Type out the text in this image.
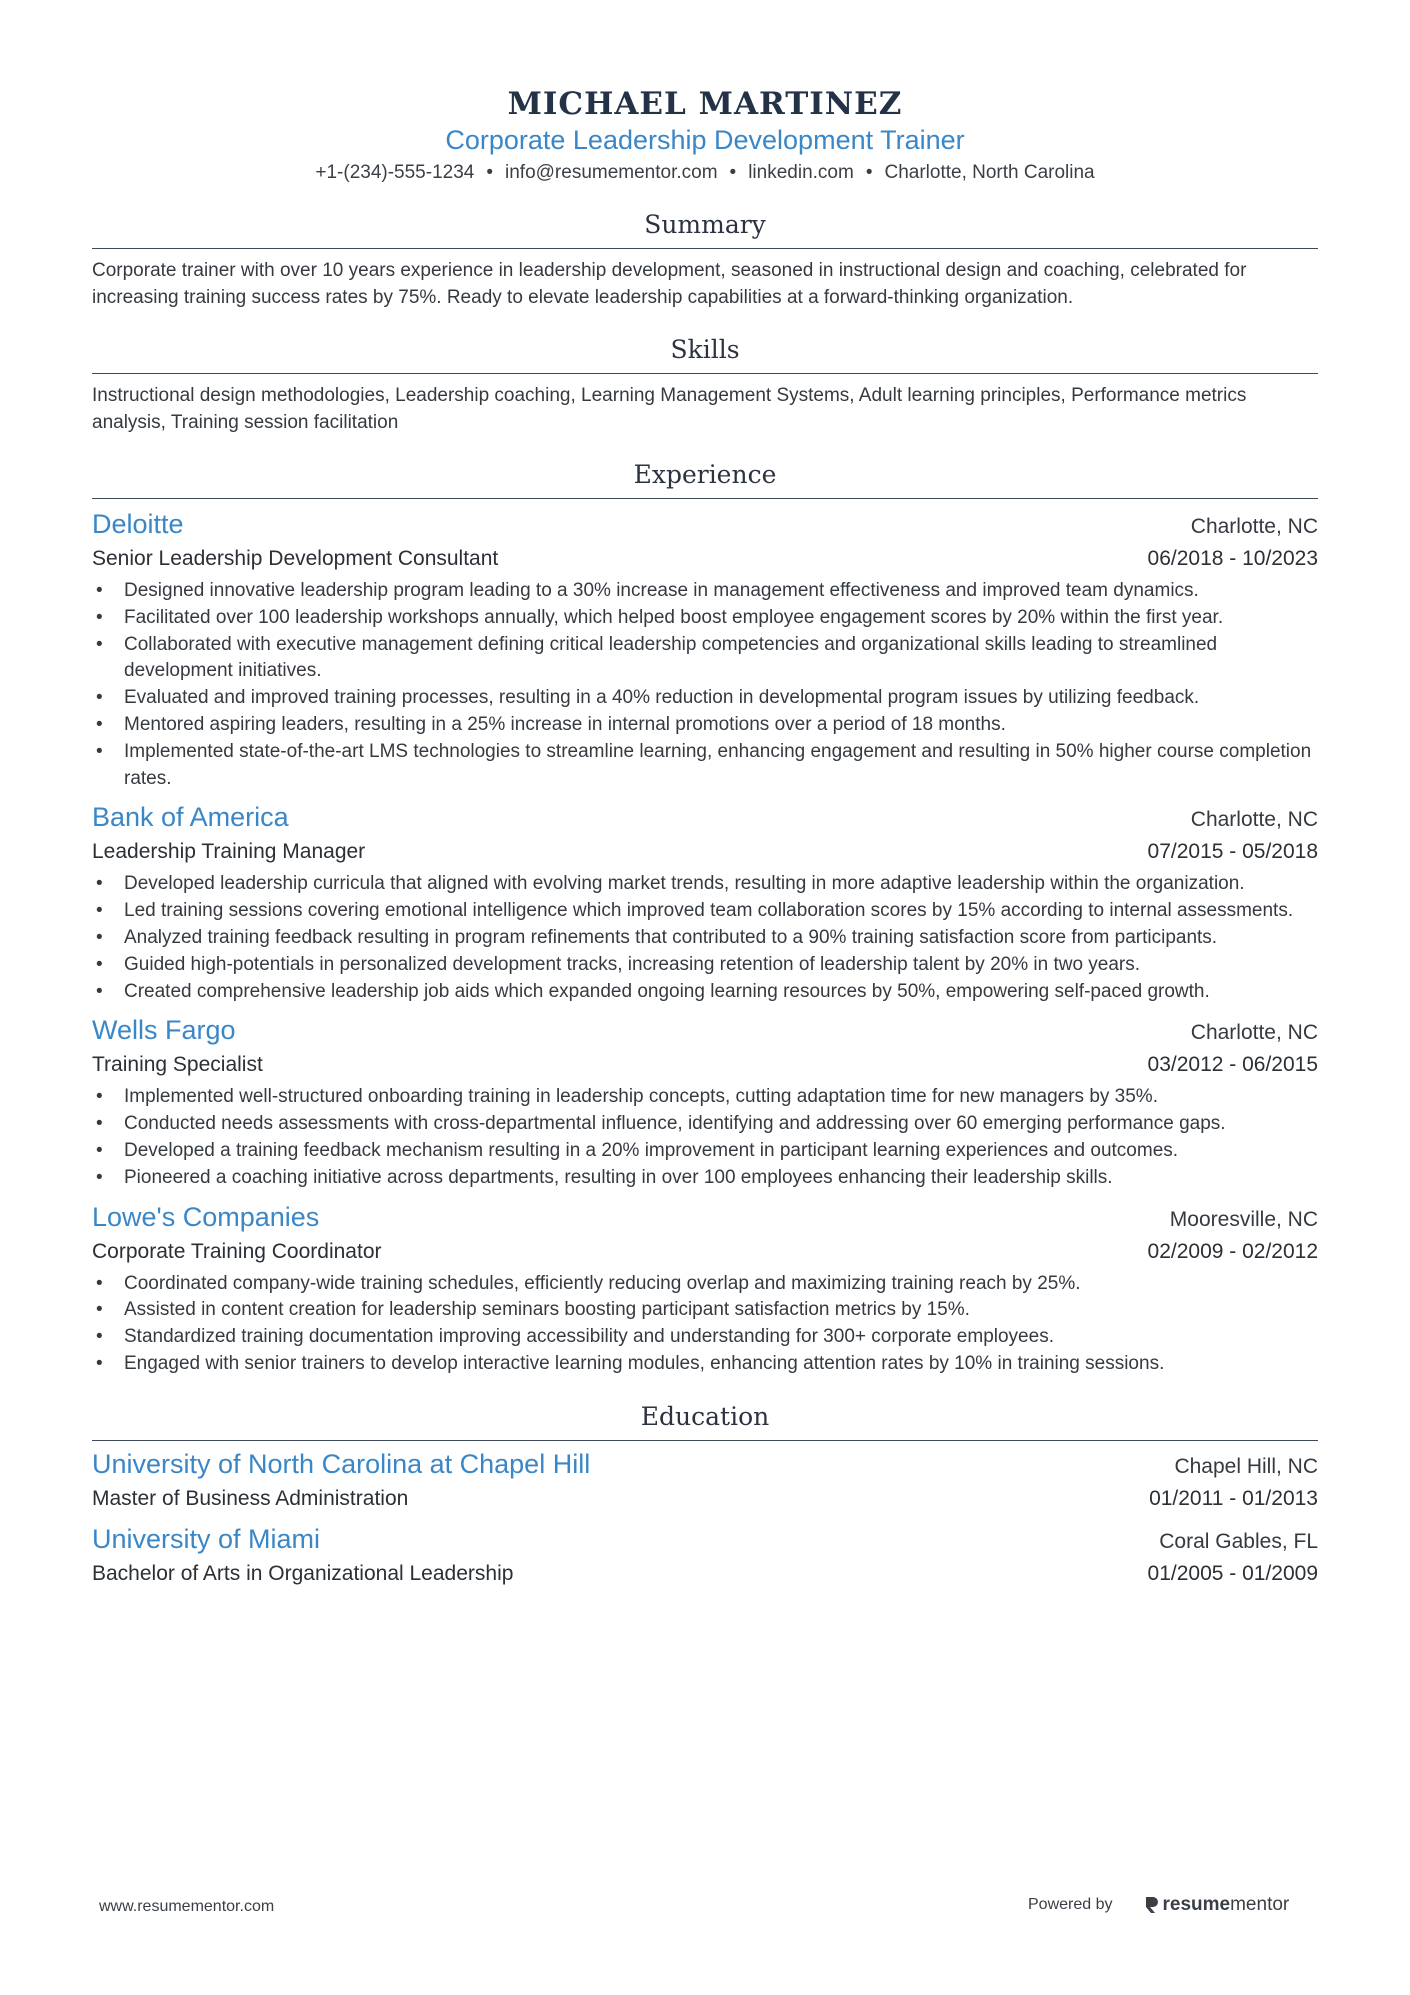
MICHAEL MARTINEZ
Corporate Leadership Development Trainer
+1-(234)-555-1234 • info@resumementor.com • linkedin.com • Charlotte, North Carolina
Summary
Corporate trainer with over 10 years experience in leadership development, seasoned in instructional design and coaching, celebrated for increasing training success rates by 75%. Ready to elevate leadership capabilities at a forward-thinking organization.
Skills
Instructional design methodologies, Leadership coaching, Learning Management Systems, Adult learning principles, Performance metrics analysis, Training session facilitation
Experience
Deloitte	Charlotte, NC
Senior Leadership Development Consultant	06/2018 - 10/2023
• Designed innovative leadership program leading to a 30% increase in management effectiveness and improved team dynamics.
• Facilitated over 100 leadership workshops annually, which helped boost employee engagement scores by 20% within the first year.
• Collaborated with executive management defining critical leadership competencies and organizational skills leading to streamlined development initiatives.
• Evaluated and improved training processes, resulting in a 40% reduction in developmental program issues by utilizing feedback.
• Mentored aspiring leaders, resulting in a 25% increase in internal promotions over a period of 18 months.
• Implemented state-of-the-art LMS technologies to streamline learning, enhancing engagement and resulting in 50% higher course completion rates.
Bank of America	Charlotte, NC
Leadership Training Manager	07/2015 - 05/2018
• Developed leadership curricula that aligned with evolving market trends, resulting in more adaptive leadership within the organization.
• Led training sessions covering emotional intelligence which improved team collaboration scores by 15% according to internal assessments.
• Analyzed training feedback resulting in program refinements that contributed to a 90% training satisfaction score from participants.
• Guided high-potentials in personalized development tracks, increasing retention of leadership talent by 20% in two years.
• Created comprehensive leadership job aids which expanded ongoing learning resources by 50%, empowering self-paced growth.
Wells Fargo	Charlotte, NC
Training Specialist	03/2012 - 06/2015
• Implemented well-structured onboarding training in leadership concepts, cutting adaptation time for new managers by 35%.
• Conducted needs assessments with cross-departmental influence, identifying and addressing over 60 emerging performance gaps.
• Developed a training feedback mechanism resulting in a 20% improvement in participant learning experiences and outcomes.
• Pioneered a coaching initiative across departments, resulting in over 100 employees enhancing their leadership skills.
Lowe's Companies	Mooresville, NC
Corporate Training Coordinator	02/2009 - 02/2012
• Coordinated company-wide training schedules, efficiently reducing overlap and maximizing training reach by 25%.
• Assisted in content creation for leadership seminars boosting participant satisfaction metrics by 15%.
• Standardized training documentation improving accessibility and understanding for 300+ corporate employees.
• Engaged with senior trainers to develop interactive learning modules, enhancing attention rates by 10% in training sessions.
Education
University of North Carolina at Chapel Hill	Chapel Hill, NC
Master of Business Administration	01/2011 - 01/2013
University of Miami	Coral Gables, FL
Bachelor of Arts in Organizational Leadership	01/2005 - 01/2009
www.resumementor.com	Powered by	resume mentor
